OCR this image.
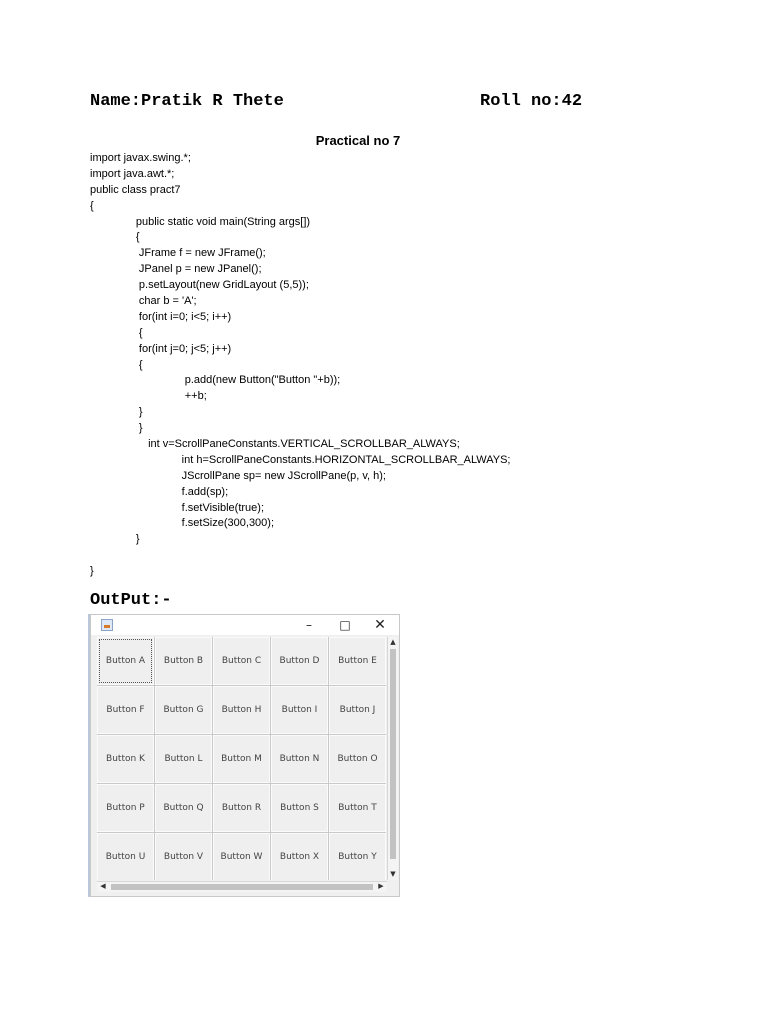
Name:Pratik R Thete	Roll no:42
Practical no 7
import javax.swing.*;
import java.awt.*;
public class pract7
{
public static void main(String args[])
{
JFrame f = new JFrame();
JPanel p = new JPanel();
p.setLayout(new GridLayout (5,5));
char b = 'A';
for(int i=0; i<5; i++)
{
for(int j=0; j<5; j++)
{
p.add(new Button("Button "+b));
++b;
}
}
int v=ScrollPaneConstants.VERTICAL_SCROLLBAR_ALWAYS;
int h=ScrollPaneConstants.HORIZONTAL_SCROLLBAR_ALWAYS;
JScrollPane sp= new JScrollPane(p, v, h);
f.add(sp);
f.setVisible(true);
f.setSize(300,300);
}
}
OutPut:-
–	□ ✕
Button A	Button B	Button C	Button D	Button E
Button F	Button G	Button H	Button I	Button J
Button K	Button L	Button M	Button N	Button O
Button P	Button Q	Button R	Button S	Button T
Button U	Button V	Button W	Button X	Button Y
▲
▼
◀	▶
